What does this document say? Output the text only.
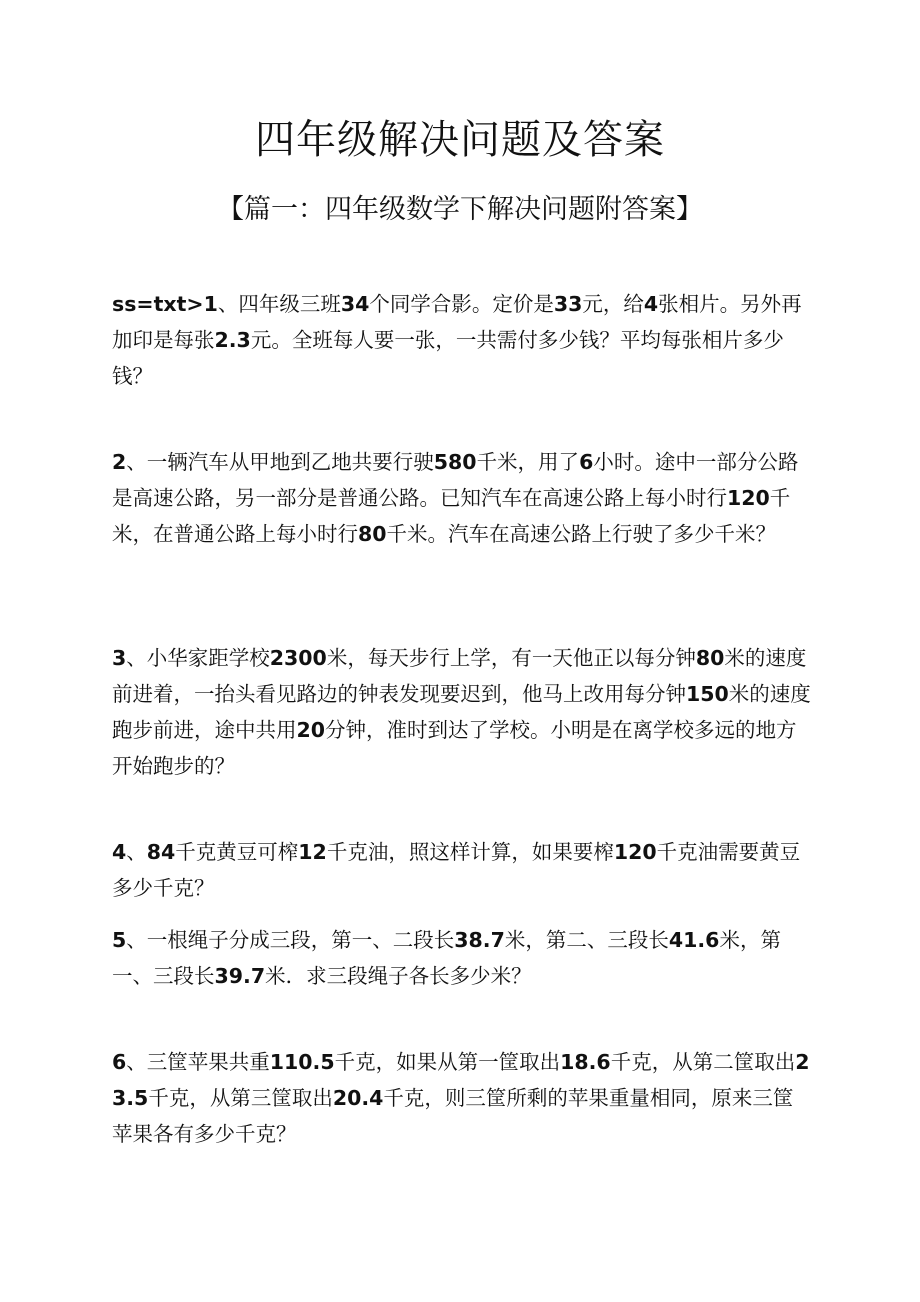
四年级解决问题及答案
【篇一：四年级数学下解决问题附答案】

ss=txt>1、四年级三班34个同学合影。定价是33元，给4张相片。另外再加印是每张2.3元。全班每人要一张，一共需付多少钱？平均每张相片多少钱？

2、一辆汽车从甲地到乙地共要行驶580千米，用了6小时。途中一部分公路是高速公路，另一部分是普通公路。已知汽车在高速公路上每小时行120千米，在普通公路上每小时行80千米。汽车在高速公路上行驶了多少千米？

3、小华家距学校2300米，每天步行上学，有一天他正以每分钟80米的速度前进着，一抬头看见路边的钟表发现要迟到，他马上改用每分钟150米的速度跑步前进，途中共用20分钟，准时到达了学校。小明是在离学校多远的地方开始跑步的？

4、84千克黄豆可榨12千克油，照这样计算，如果要榨120千克油需要黄豆多少千克？

5、一根绳子分成三段，第一、二段长38.7米，第二、三段长41.6米，第一、三段长39.7米．求三段绳子各长多少米？

6、三筐苹果共重110.5千克，如果从第一筐取出18.6千克，从第二筐取出23.5千克，从第三筐取出20.4千克，则三筐所剩的苹果重量相同，原来三筐苹果各有多少千克？
